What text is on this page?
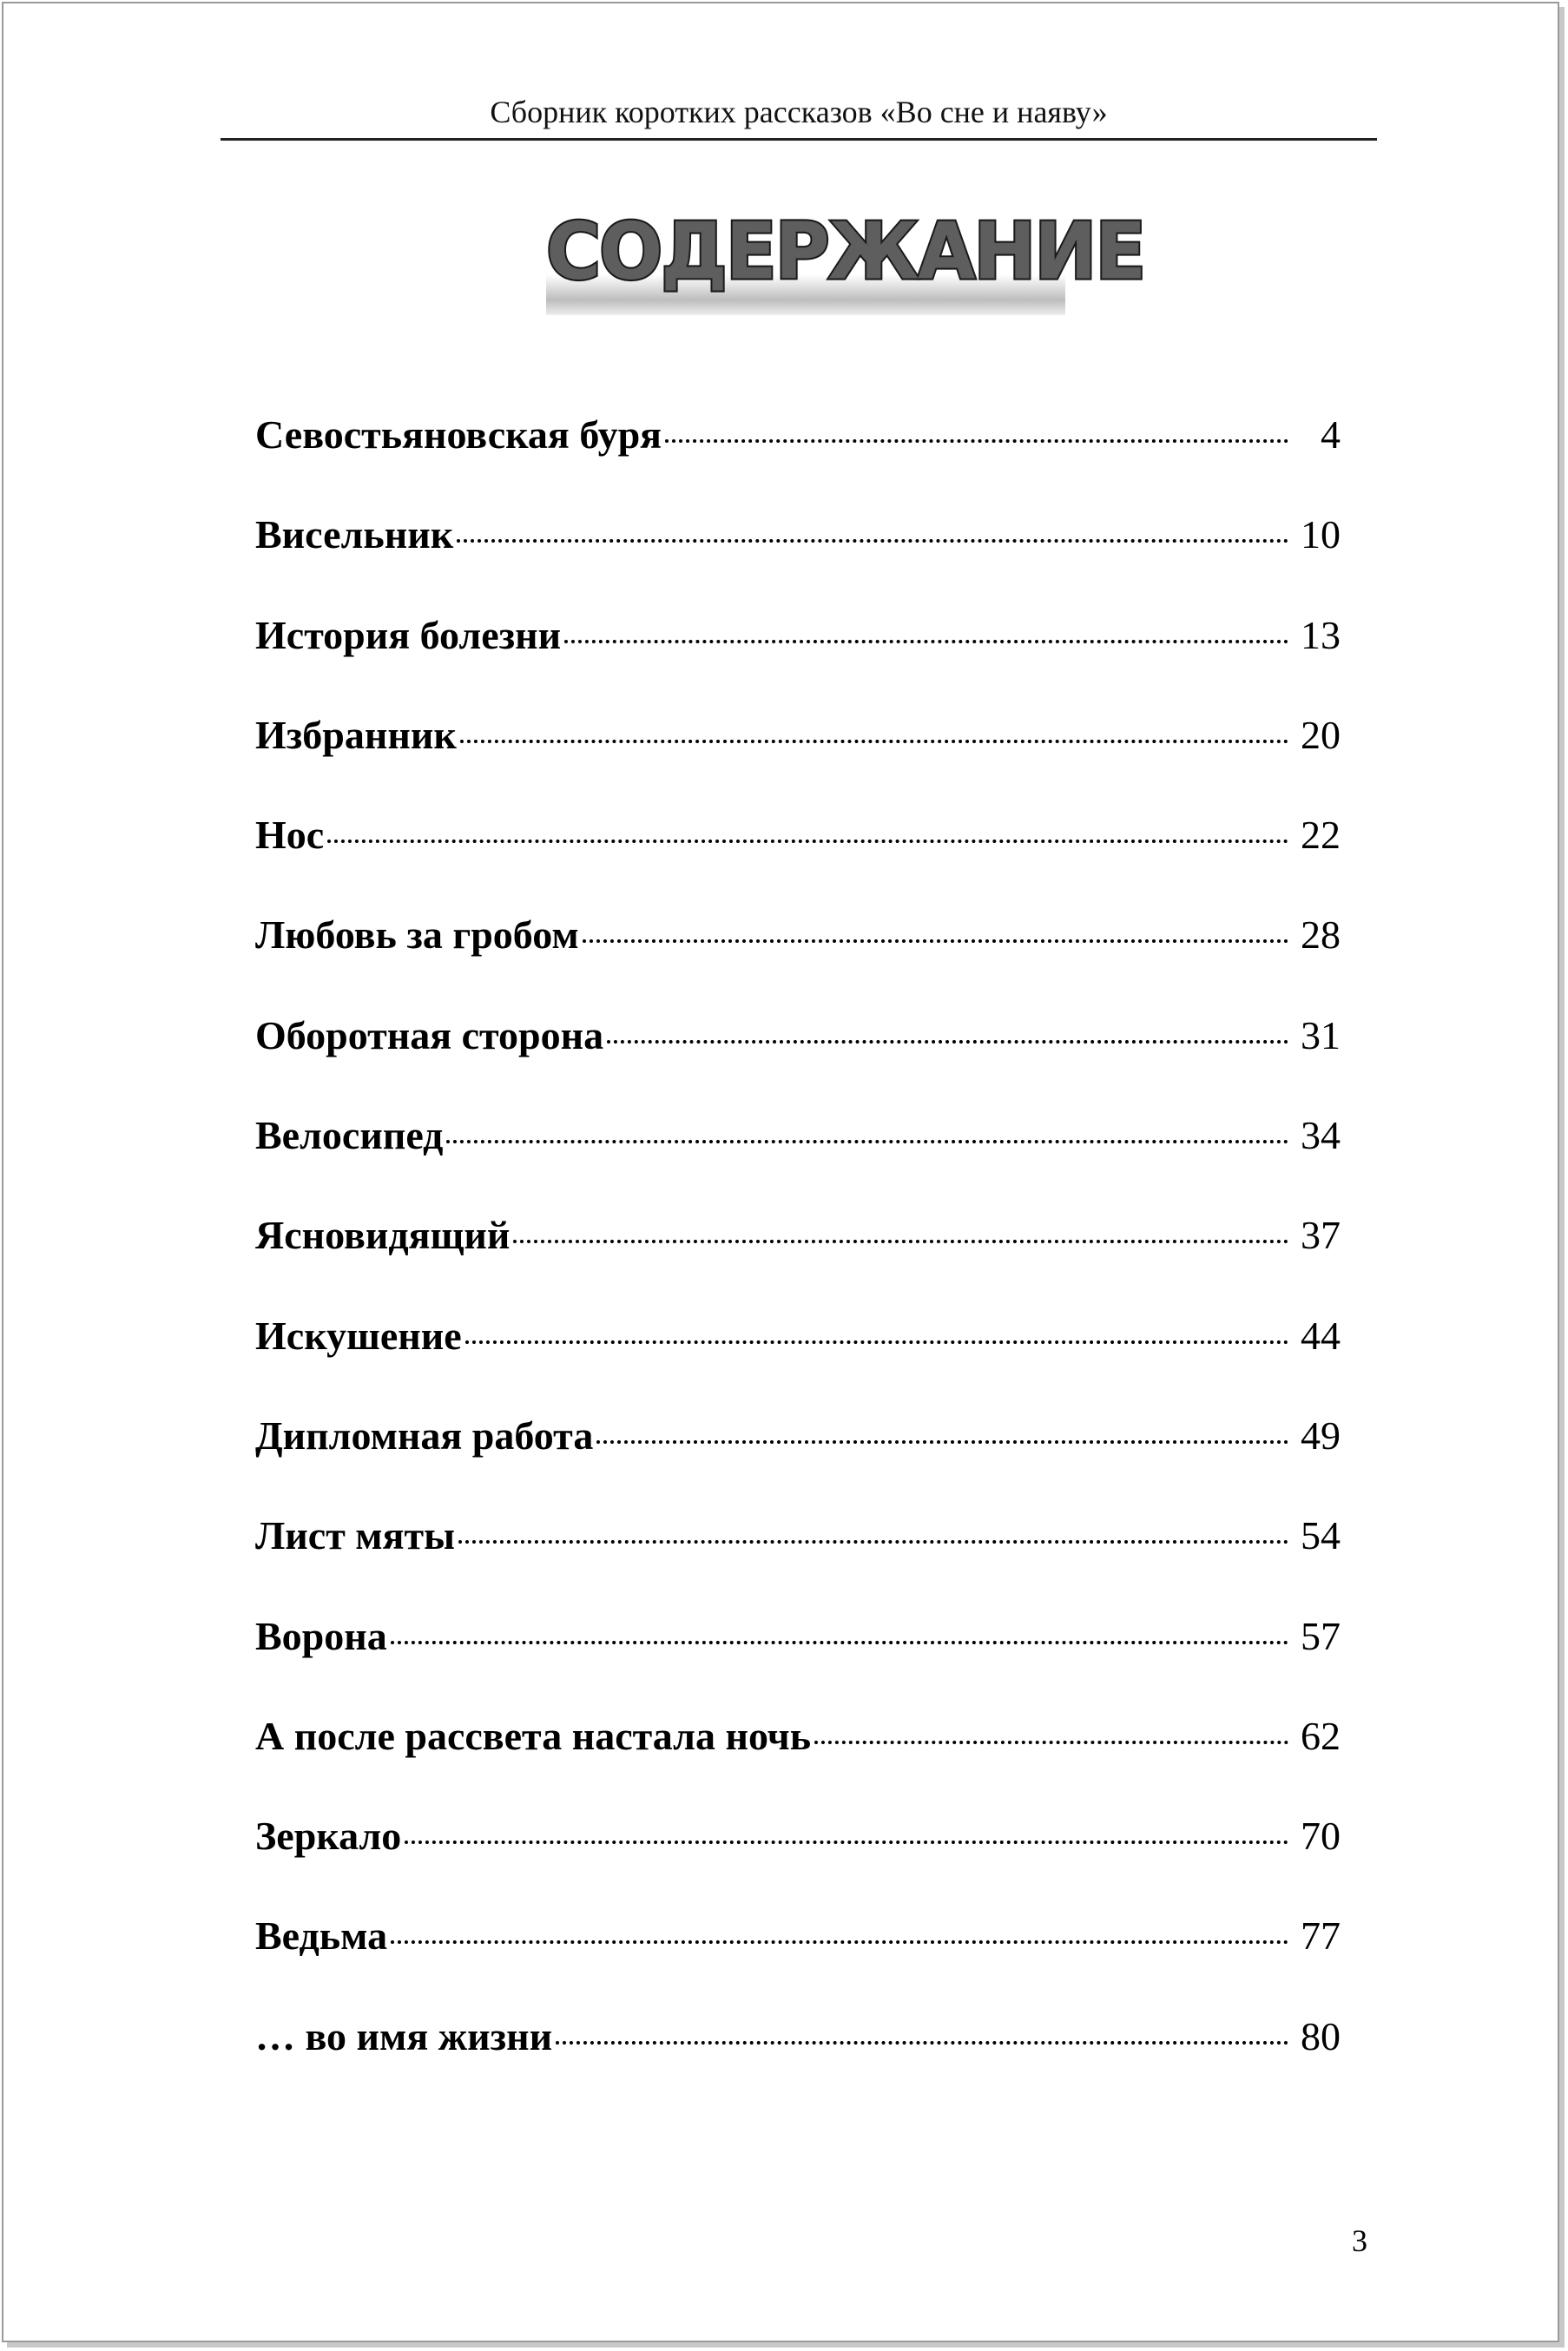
Сборник коротких рассказов «Во сне и наяву»
СОДЕРЖАНИЕ
Севостьяновская буря	4
Висельник	10
История болезни	13
Избранник	20
Нос	22
Любовь за гробом	28
Оборотная сторона	31
Велосипед	34
Ясновидящий	37
Искушение	44
Дипломная работа	49
Лист мяты	54
Ворона	57
А после рассвета настала ночь	62
Зеркало	70
Ведьма	77
… во имя жизни	80
3
